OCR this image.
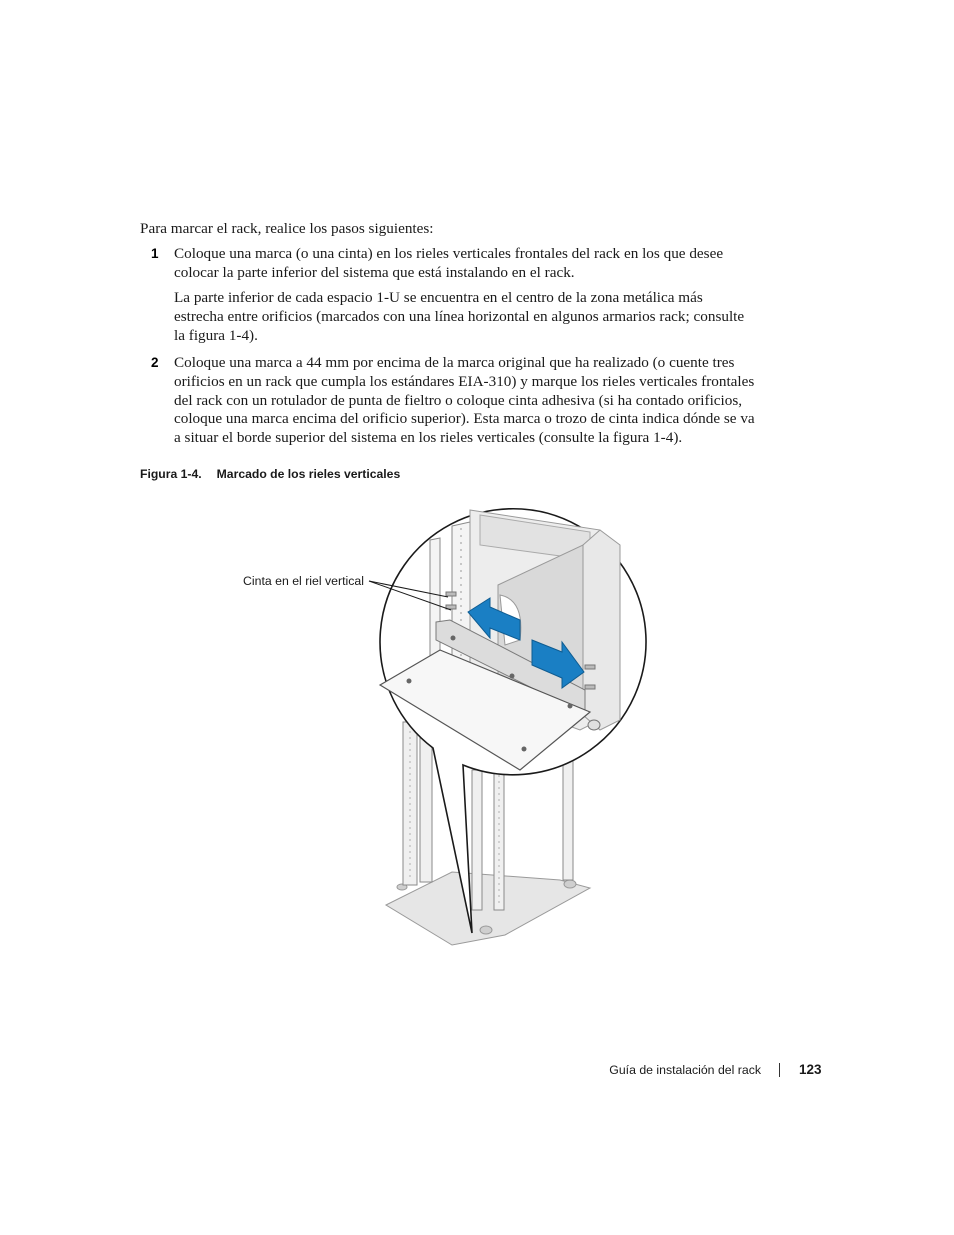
Para marcar el rack, realice los pasos siguientes:
1 Coloque una marca (o una cinta) en los rieles verticales frontales del rack en los que desee colocar la parte inferior del sistema que está instalando en el rack.
La parte inferior de cada espacio 1-U se encuentra en el centro de la zona metálica más estrecha entre orificios (marcados con una línea horizontal en algunos armarios rack; consulte la figura 1-4).
2 Coloque una marca a 44 mm por encima de la marca original que ha realizado (o cuente tres orificios en un rack que cumpla los estándares EIA-310) y marque los rieles verticales frontales del rack con un rotulador de punta de fieltro o coloque cinta adhesiva (si ha contado orificios, coloque una marca encima del orificio superior). Esta marca o trozo de cinta indica dónde se va a situar el borde superior del sistema en los rieles verticales (consulte la figura 1-4).
Figura 1-4. Marcado de los rieles verticales
Cinta en el riel vertical
Guía de instalación del rack	123
